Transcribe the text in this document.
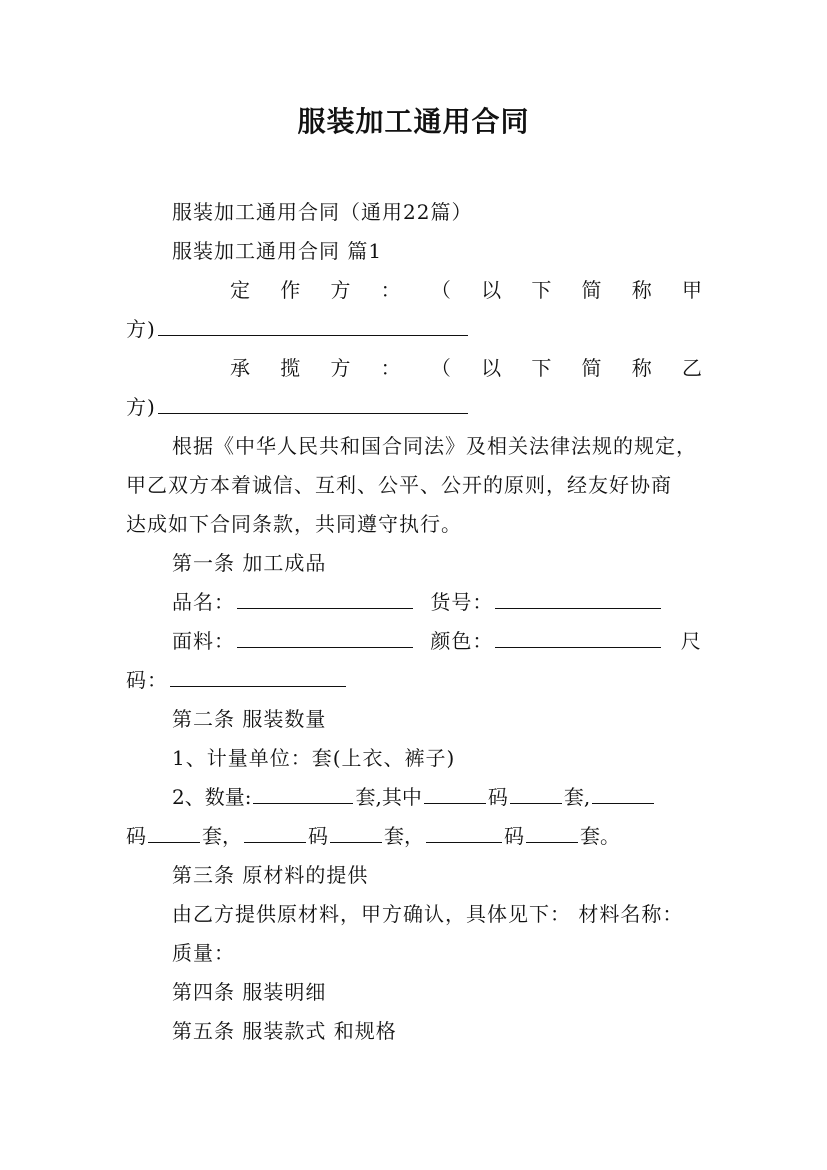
服装加工通用合同
服装加工通用合同（通用22篇）
服装加工通用合同 篇1
定 作 方 ： （ 以 下 简 称 甲
方)
承 揽 方 ： （ 以 下 简 称 乙
方)
根据《中华人民共和国合同法》及相关法律法规的规定，
甲乙双方本着诚信、互利、公平、公开的原则，经友好协商
达成如下合同条款，共同遵守执行。
第一条 加工成品
品名：	货号：
面料：	颜色：	尺
码：
第二条 服装数量
1、计量单位：套(上衣、裤子)
2、数量:	套,其中	码	套,
码	套，	码	套，	码	套。
第三条 原材料的提供
由乙方提供原材料，甲方确认，具体见下： 材料名称：
质量：
第四条 服装明细
第五条 服装款式 和规格
